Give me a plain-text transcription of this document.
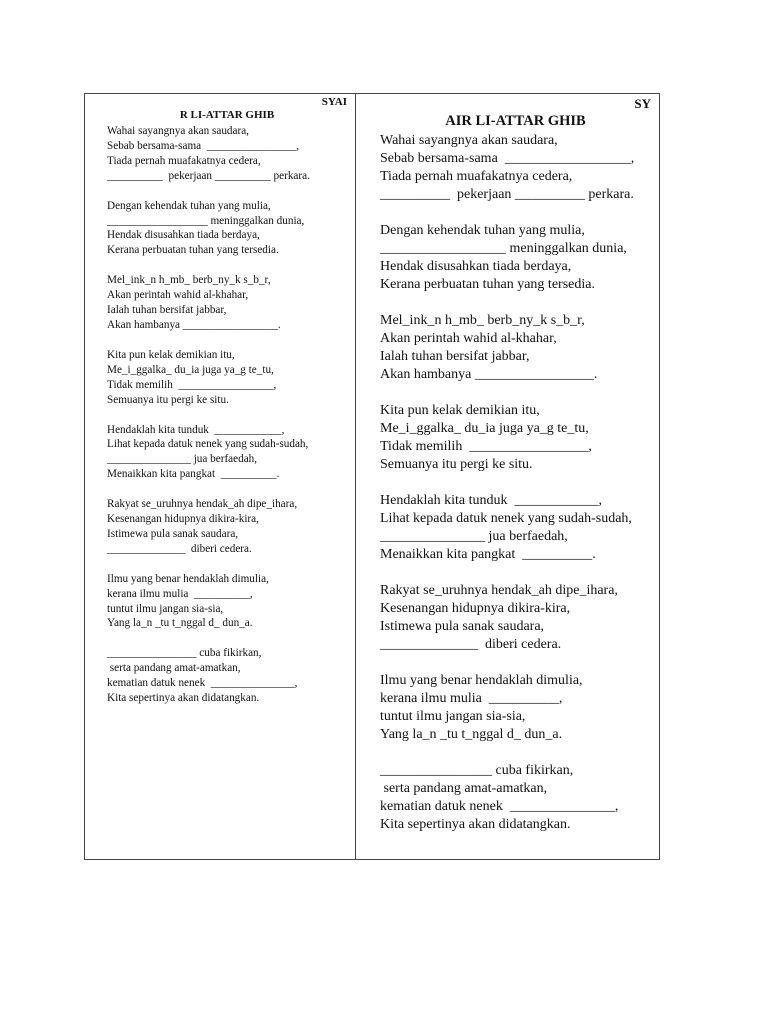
SYAI
R LI-ATTAR GHIB
Wahai sayangnya akan saudara,
Sebab bersama-sama  ________________,
Tiada pernah muafakatnya cedera,
__________  pekerjaan __________ perkara.
Dengan kehendak tuhan yang mulia,
__________________ meninggalkan dunia,
Hendak disusahkan tiada berdaya,
Kerana perbuatan tuhan yang tersedia.
Mel_ink_n h_mb_ berb_ny_k s_b_r,
Akan perintah wahid al-khahar,
Ialah tuhan bersifat jabbar,
Akan hambanya _________________.
Kita pun kelak demikian itu,
Me_i_ggalka_ du_ia juga ya_g te_tu,
Tidak memilih  _________________,
Semuanya itu pergi ke situ.
Hendaklah kita tunduk  ____________,
Lihat kepada datuk nenek yang sudah-sudah,
_______________ jua berfaedah,
Menaikkan kita pangkat  __________.
Rakyat se_uruhnya hendak_ah dipe_ihara,
Kesenangan hidupnya dikira-kira,
Istimewa pula sanak saudara,
______________  diberi cedera.
Ilmu yang benar hendaklah dimulia,
kerana ilmu mulia  __________,
tuntut ilmu jangan sia-sia,
Yang la_n _tu t_nggal d_ dun_a.
________________ cuba fikirkan,
serta pandang amat-amatkan,
kematian datuk nenek  _______________,
Kita sepertinya akan didatangkan.
SY
AIR LI-ATTAR GHIB
Wahai sayangnya akan saudara,
Sebab bersama-sama  __________________,
Tiada pernah muafakatnya cedera,
__________  pekerjaan __________ perkara.
Dengan kehendak tuhan yang mulia,
__________________ meninggalkan dunia,
Hendak disusahkan tiada berdaya,
Kerana perbuatan tuhan yang tersedia.
Mel_ink_n h_mb_ berb_ny_k s_b_r,
Akan perintah wahid al-khahar,
Ialah tuhan bersifat jabbar,
Akan hambanya _________________.
Kita pun kelak demikian itu,
Me_i_ggalka_ du_ia juga ya_g te_tu,
Tidak memilih  _________________,
Semuanya itu pergi ke situ.
Hendaklah kita tunduk  ____________,
Lihat kepada datuk nenek yang sudah-sudah,
_______________ jua berfaedah,
Menaikkan kita pangkat  __________.
Rakyat se_uruhnya hendak_ah dipe_ihara,
Kesenangan hidupnya dikira-kira,
Istimewa pula sanak saudara,
______________  diberi cedera.
Ilmu yang benar hendaklah dimulia,
kerana ilmu mulia  __________,
tuntut ilmu jangan sia-sia,
Yang la_n _tu t_nggal d_ dun_a.
________________ cuba fikirkan,
serta pandang amat-amatkan,
kematian datuk nenek  _______________,
Kita sepertinya akan didatangkan.
